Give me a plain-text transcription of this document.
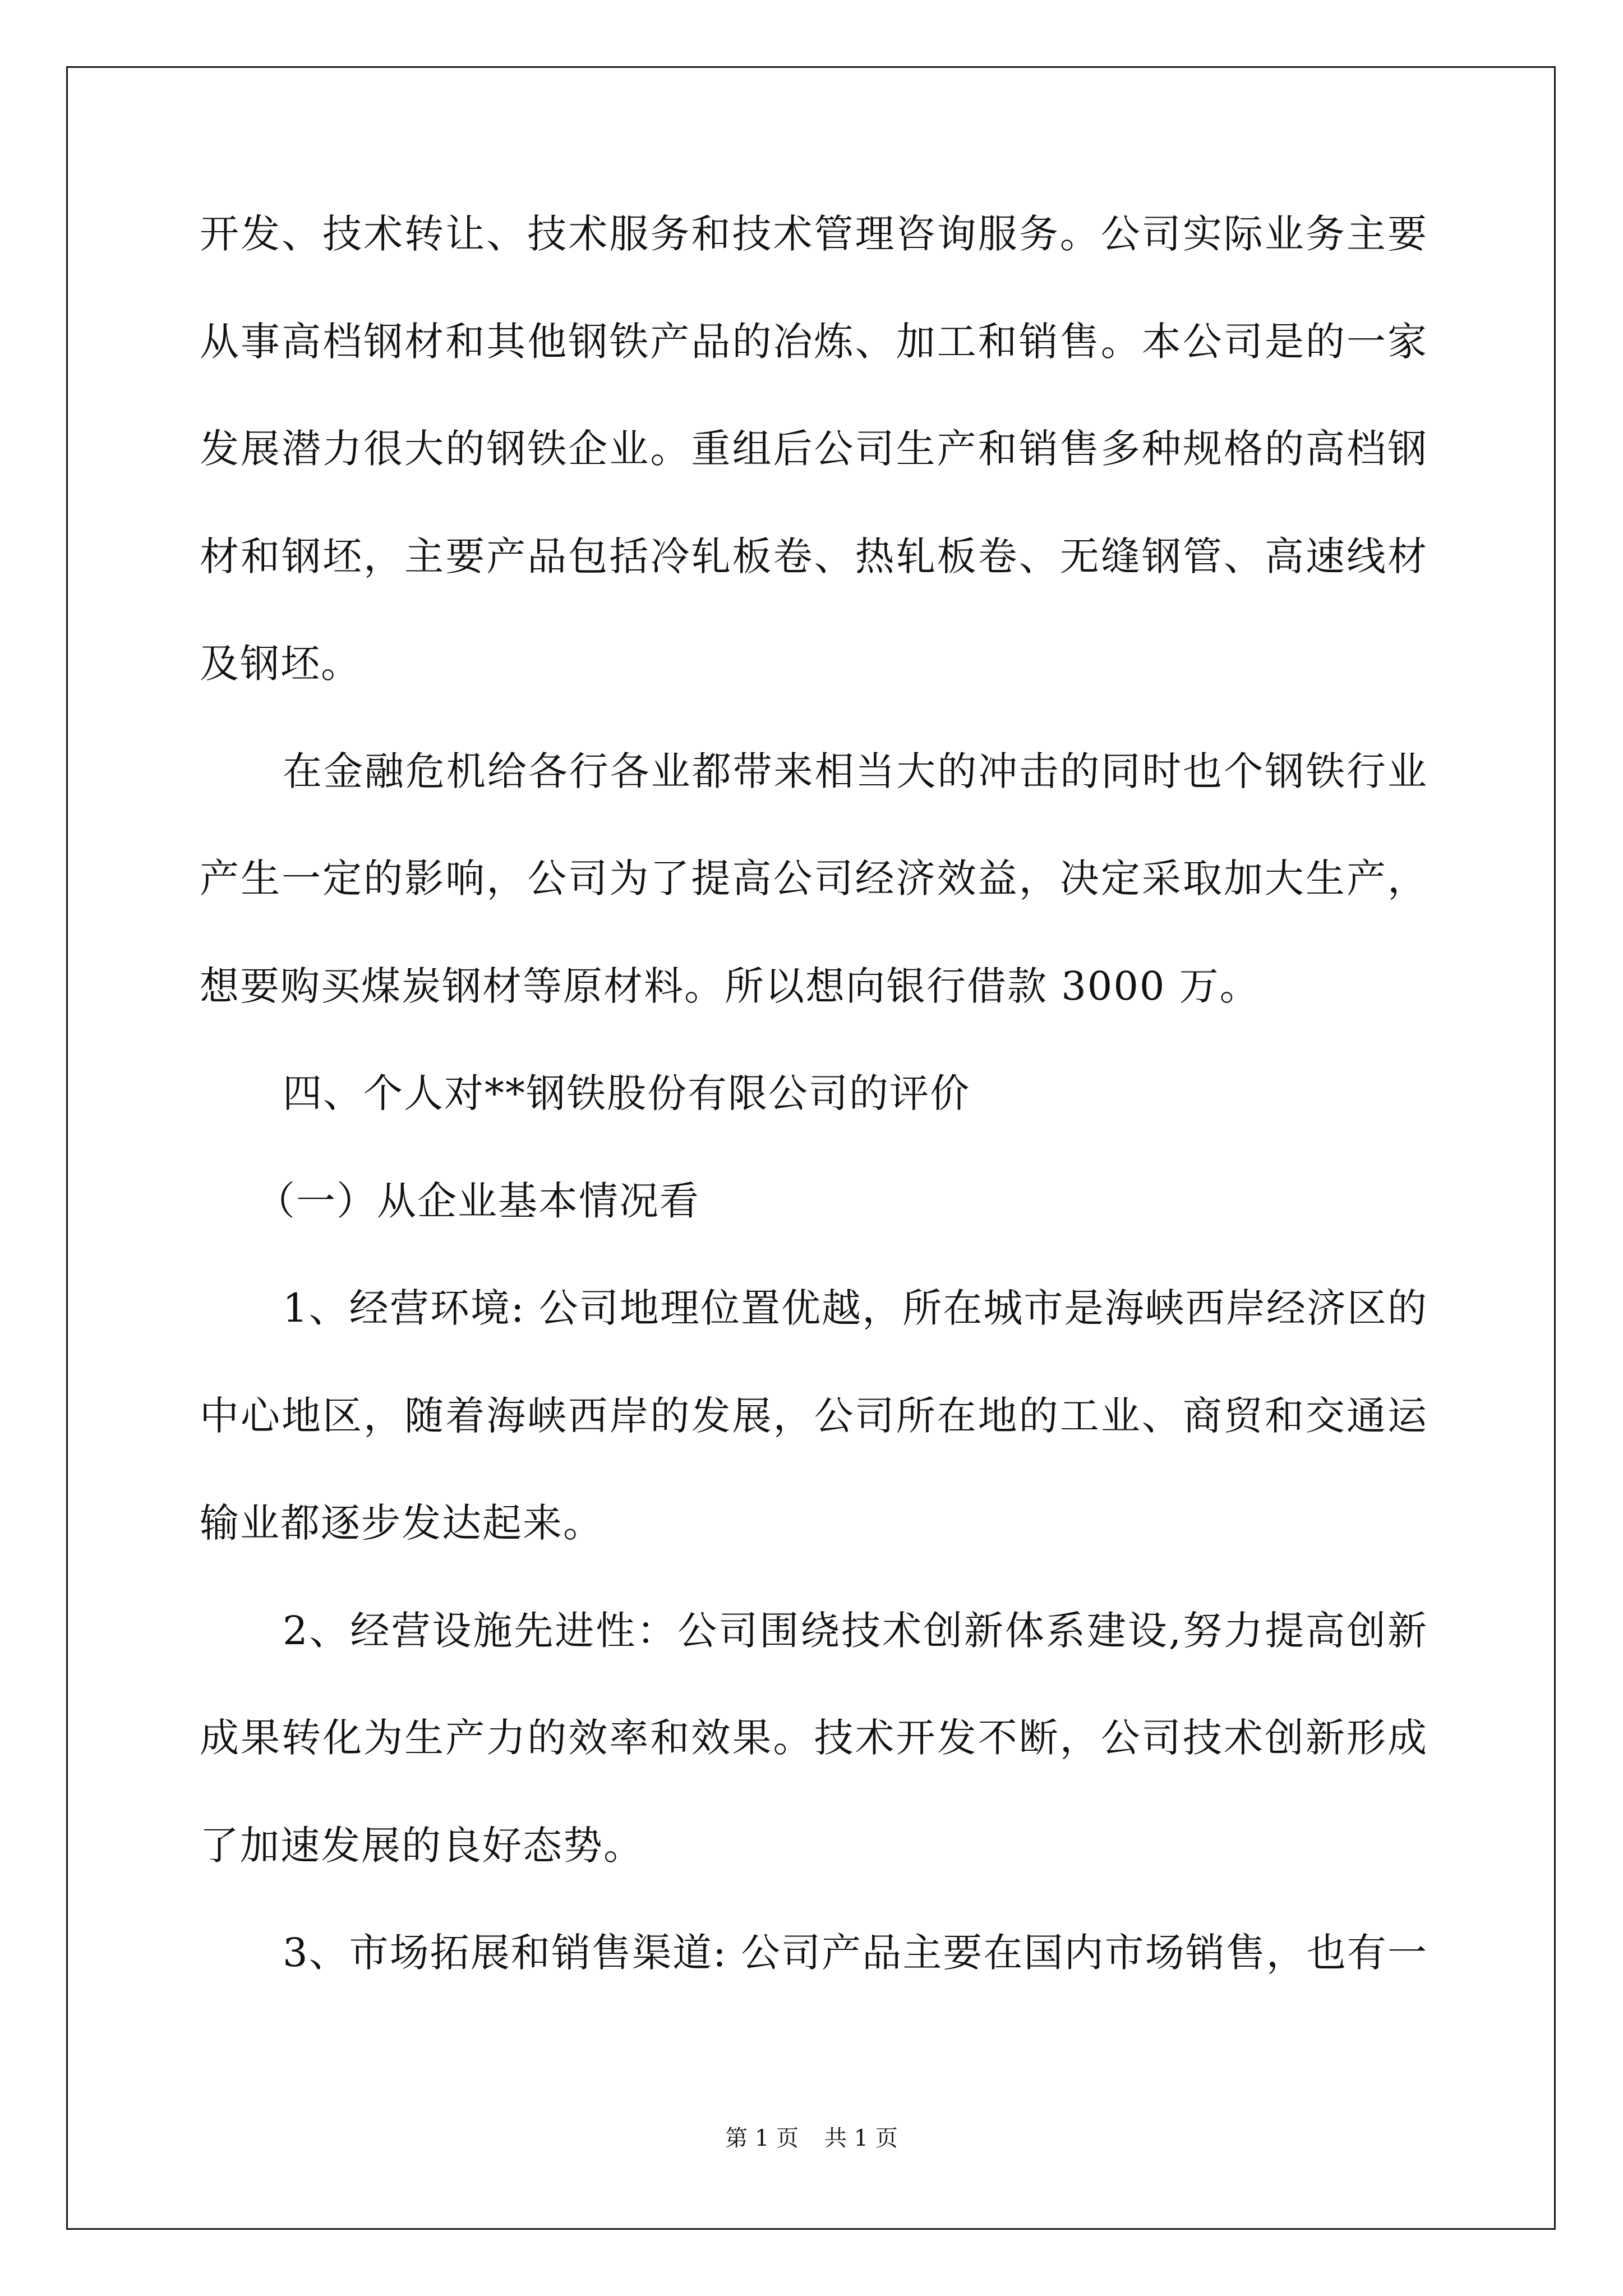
开发、技术转让、技术服务和技术管理咨询服务。公司实际业务主要
从事高档钢材和其他钢铁产品的冶炼、加工和销售。本公司是的一家
发展潜力很大的钢铁企业。重组后公司生产和销售多种规格的高档钢
材和钢坯，主要产品包括冷轧板卷、热轧板卷、无缝钢管、高速线材
及钢坯。
在金融危机给各行各业都带来相当大的冲击的同时也个钢铁行业
产生一定的影响，公司为了提高公司经济效益，决定采取加大生产，
想要购买煤炭钢材等原材料。所以想向银行借款 3000 万。
四、个人对**钢铁股份有限公司的评价
（一）从企业基本情况看
1、经营环境: 公司地理位置优越，所在城市是海峡西岸经济区的
中心地区，随着海峡西岸的发展，公司所在地的工业、商贸和交通运
输业都逐步发达起来。
2、经营设施先进性：公司围绕技术创新体系建设,努力提高创新
成果转化为生产力的效率和效果。技术开发不断，公司技术创新形成
了加速发展的良好态势。
3、市场拓展和销售渠道: 公司产品主要在国内市场销售，也有一
第 1 页 共 1 页
